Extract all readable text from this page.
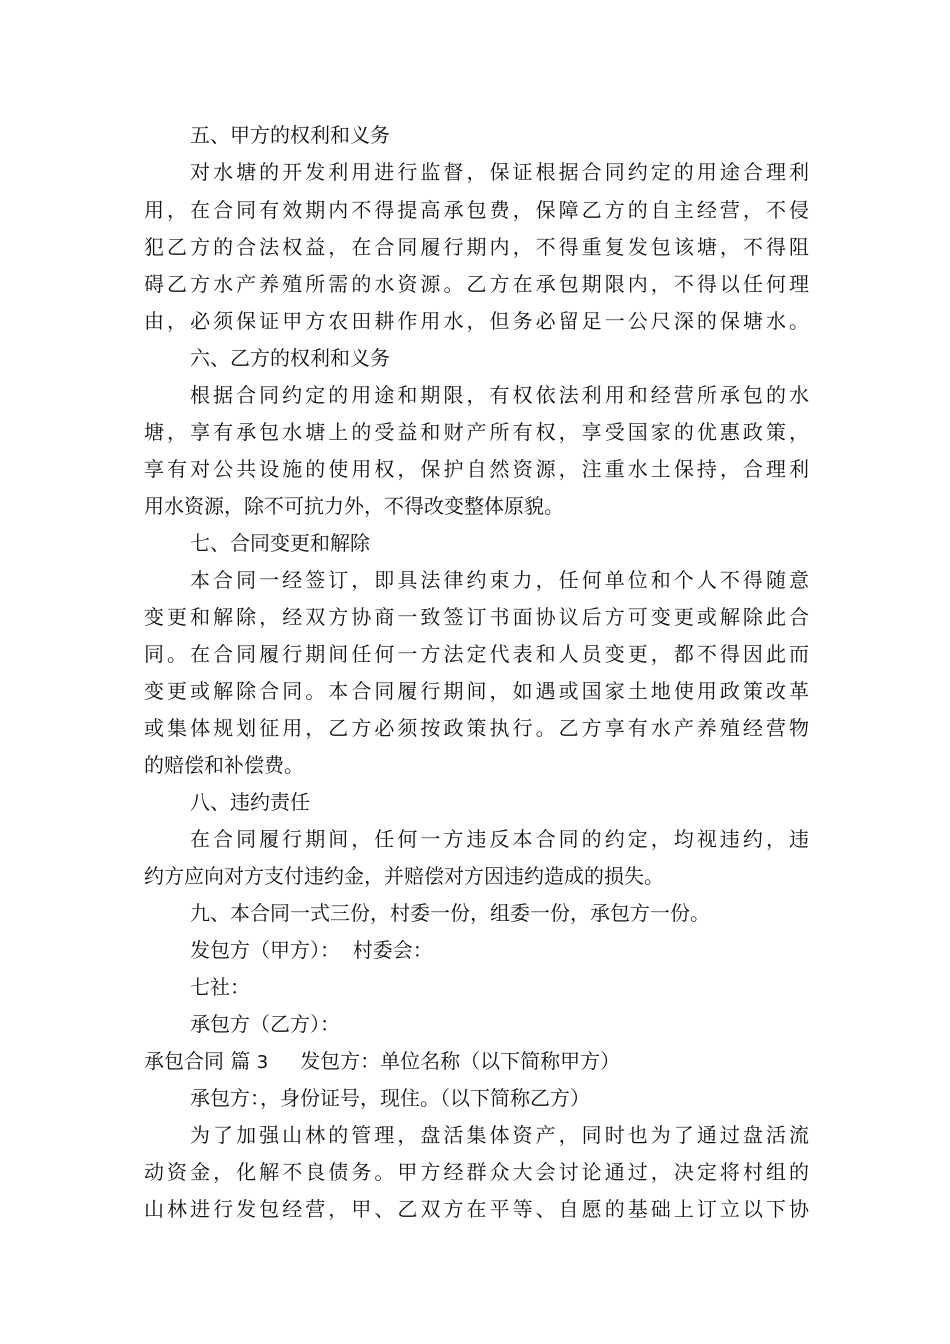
五、甲方的权利和义务
对水塘的开发利用进行监督，保证根据合同约定的用途合理利
用，在合同有效期内不得提高承包费，保障乙方的自主经营，不侵
犯乙方的合法权益，在合同履行期内，不得重复发包该塘，不得阻
碍乙方水产养殖所需的水资源。乙方在承包期限内，不得以任何理
由，必须保证甲方农田耕作用水，但务必留足一公尺深的保塘水。
六、乙方的权利和义务
根据合同约定的用途和期限，有权依法利用和经营所承包的水
塘，享有承包水塘上的受益和财产所有权，享受国家的优惠政策，
享有对公共设施的使用权，保护自然资源，注重水土保持，合理利
用水资源，除不可抗力外，不得改变整体原貌。
七、合同变更和解除
本合同一经签订，即具法律约束力，任何单位和个人不得随意
变更和解除，经双方协商一致签订书面协议后方可变更或解除此合
同。在合同履行期间任何一方法定代表和人员变更，都不得因此而
变更或解除合同。本合同履行期间，如遇或国家土地使用政策改革
或集体规划征用，乙方必须按政策执行。乙方享有水产养殖经营物
的赔偿和补偿费。
八、违约责任
在合同履行期间，任何一方违反本合同的约定，均视违约，违
约方应向对方支付违约金，并赔偿对方因违约造成的损失。
九、本合同一式三份，村委一份，组委一份，承包方一份。
发包方（甲方）：  村委会：
七社：
承包方（乙方）：
承包合同 篇 3 发包方：单位名称（以下简称甲方）
承包方：，身份证号，现住。（以下简称乙方）
为了加强山林的管理，盘活集体资产，同时也为了通过盘活流
动资金，化解不良债务。甲方经群众大会讨论通过，决定将村组的
山林进行发包经营，甲、乙双方在平等、自愿的基础上订立以下协
